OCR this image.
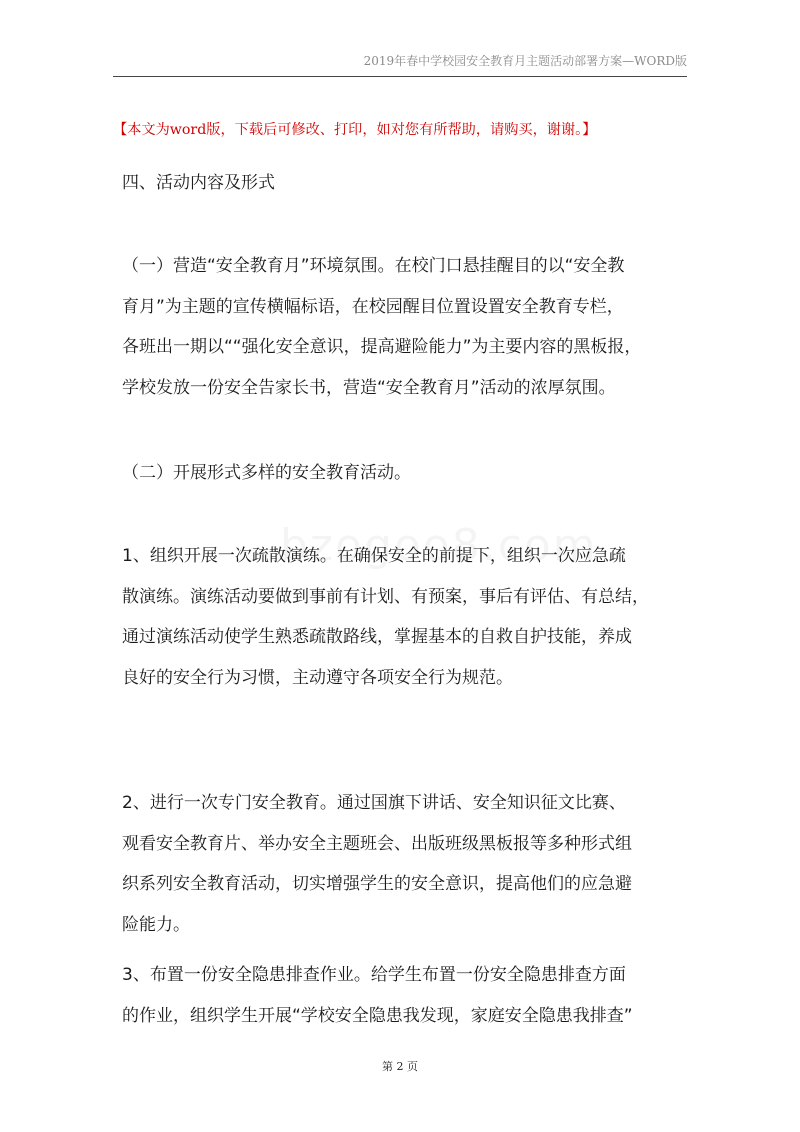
2019年春中学校园安全教育月主题活动部署方案—WORD版
【本文为word版，下载后可修改、打印，如对您有所帮助，请购买，谢谢。】
四、活动内容及形式
（一）营造“安全教育月”环境氛围。在校门口悬挂醒目的以“安全教
育月”为主题的宣传横幅标语，在校园醒目位置设置安全教育专栏，
各班出一期以““强化安全意识，提高避险能力”为主要内容的黑板报，
学校发放一份安全告家长书，营造“安全教育月”活动的浓厚氛围。
（二）开展形式多样的安全教育活动。
1、组织开展一次疏散演练。在确保安全的前提下，组织一次应急疏
散演练。演练活动要做到事前有计划、有预案，事后有评估、有总结，
通过演练活动使学生熟悉疏散路线，掌握基本的自救自护技能，养成
良好的安全行为习惯，主动遵守各项安全行为规范。
2、进行一次专门安全教育。通过国旗下讲话、安全知识征文比赛、
观看安全教育片、举办安全主题班会、出版班级黑板报等多种形式组
织系列安全教育活动，切实增强学生的安全意识，提高他们的应急避
险能力。
3、布置一份安全隐患排查作业。给学生布置一份安全隐患排查方面
的作业，组织学生开展“学校安全隐患我发现，家庭安全隐患我排查”
第 2 页
